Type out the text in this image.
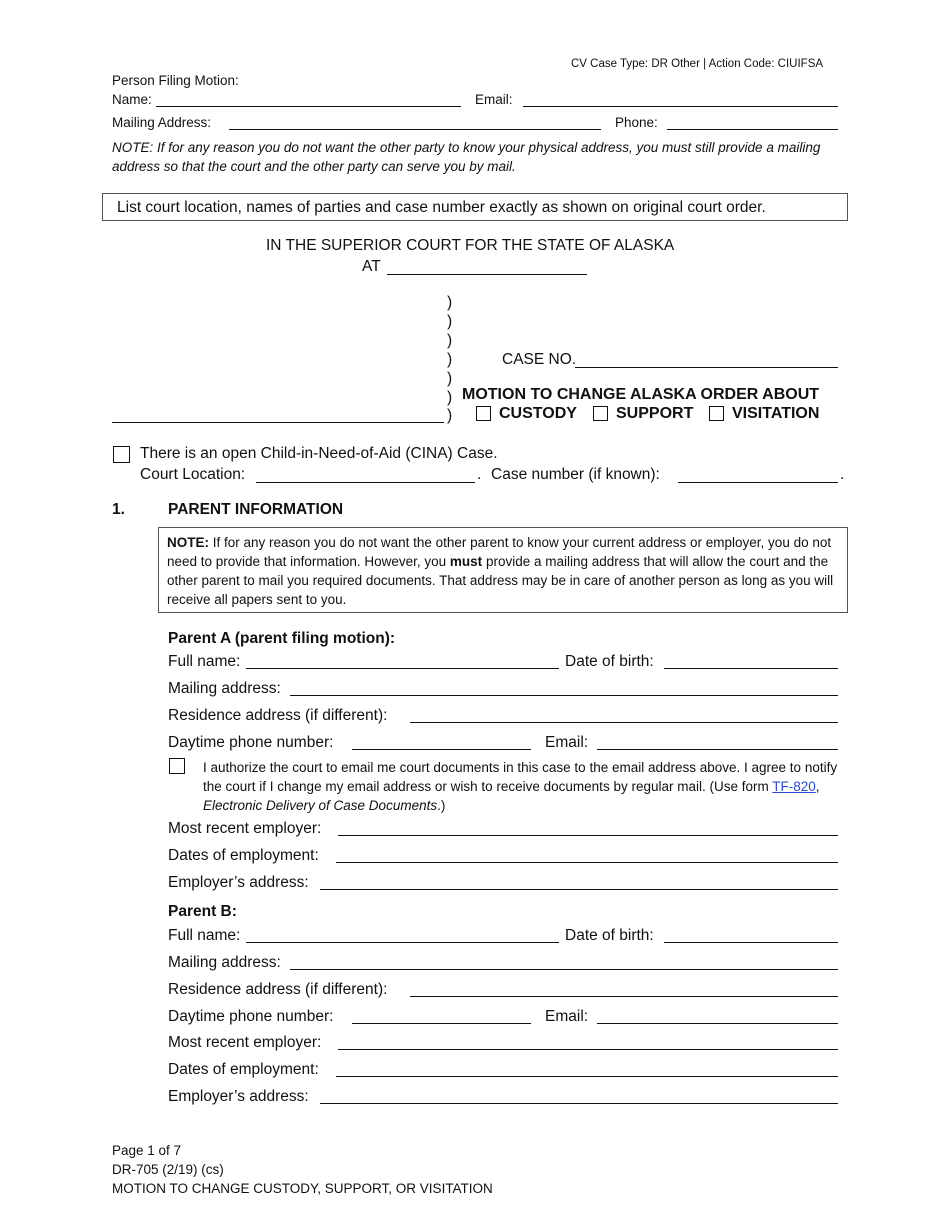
CV Case Type: DR Other | Action Code: CIUIFSA
Person Filing Motion:
Name:	Email:
Mailing Address:	Phone:
NOTE: If for any reason you do not want the other party to know your physical address, you must still provide a mailing address so that the court and the other party can serve you by mail.
List court location, names of parties and case number exactly as shown on original court order.
IN THE SUPERIOR COURT FOR THE STATE OF ALASKA
AT
)
)
)
)
)
)
)
CASE NO.
MOTION TO CHANGE ALASKA ORDER ABOUT
CUSTODY SUPPORT VISITATION
There is an open Child-in-Need-of-Aid (CINA) Case.
Court Location:	. Case number (if known):	.
1.	PARENT INFORMATION
NOTE: If for any reason you do not want the other parent to know your current address or employer, you do not need to provide that information. However, you must provide a mailing address that will allow the court and the other parent to mail you required documents. That address may be in care of another person as long as you will receive all papers sent to you.
Parent A (parent filing motion):
Full name:	Date of birth:
Mailing address:
Residence address (if different):
Daytime phone number:	Email:
I authorize the court to email me court documents in this case to the email address above. I agree to notify the court if I change my email address or wish to receive documents by regular mail. (Use form TF-820, Electronic Delivery of Case Documents.)
Most recent employer:
Dates of employment:
Employer’s address:
Parent B:
Full name:	Date of birth:
Mailing address:
Residence address (if different):
Daytime phone number:	Email:
Most recent employer:
Dates of employment:
Employer’s address:
Page 1 of 7
DR-705 (2/19) (cs)
MOTION TO CHANGE CUSTODY, SUPPORT, OR VISITATION
